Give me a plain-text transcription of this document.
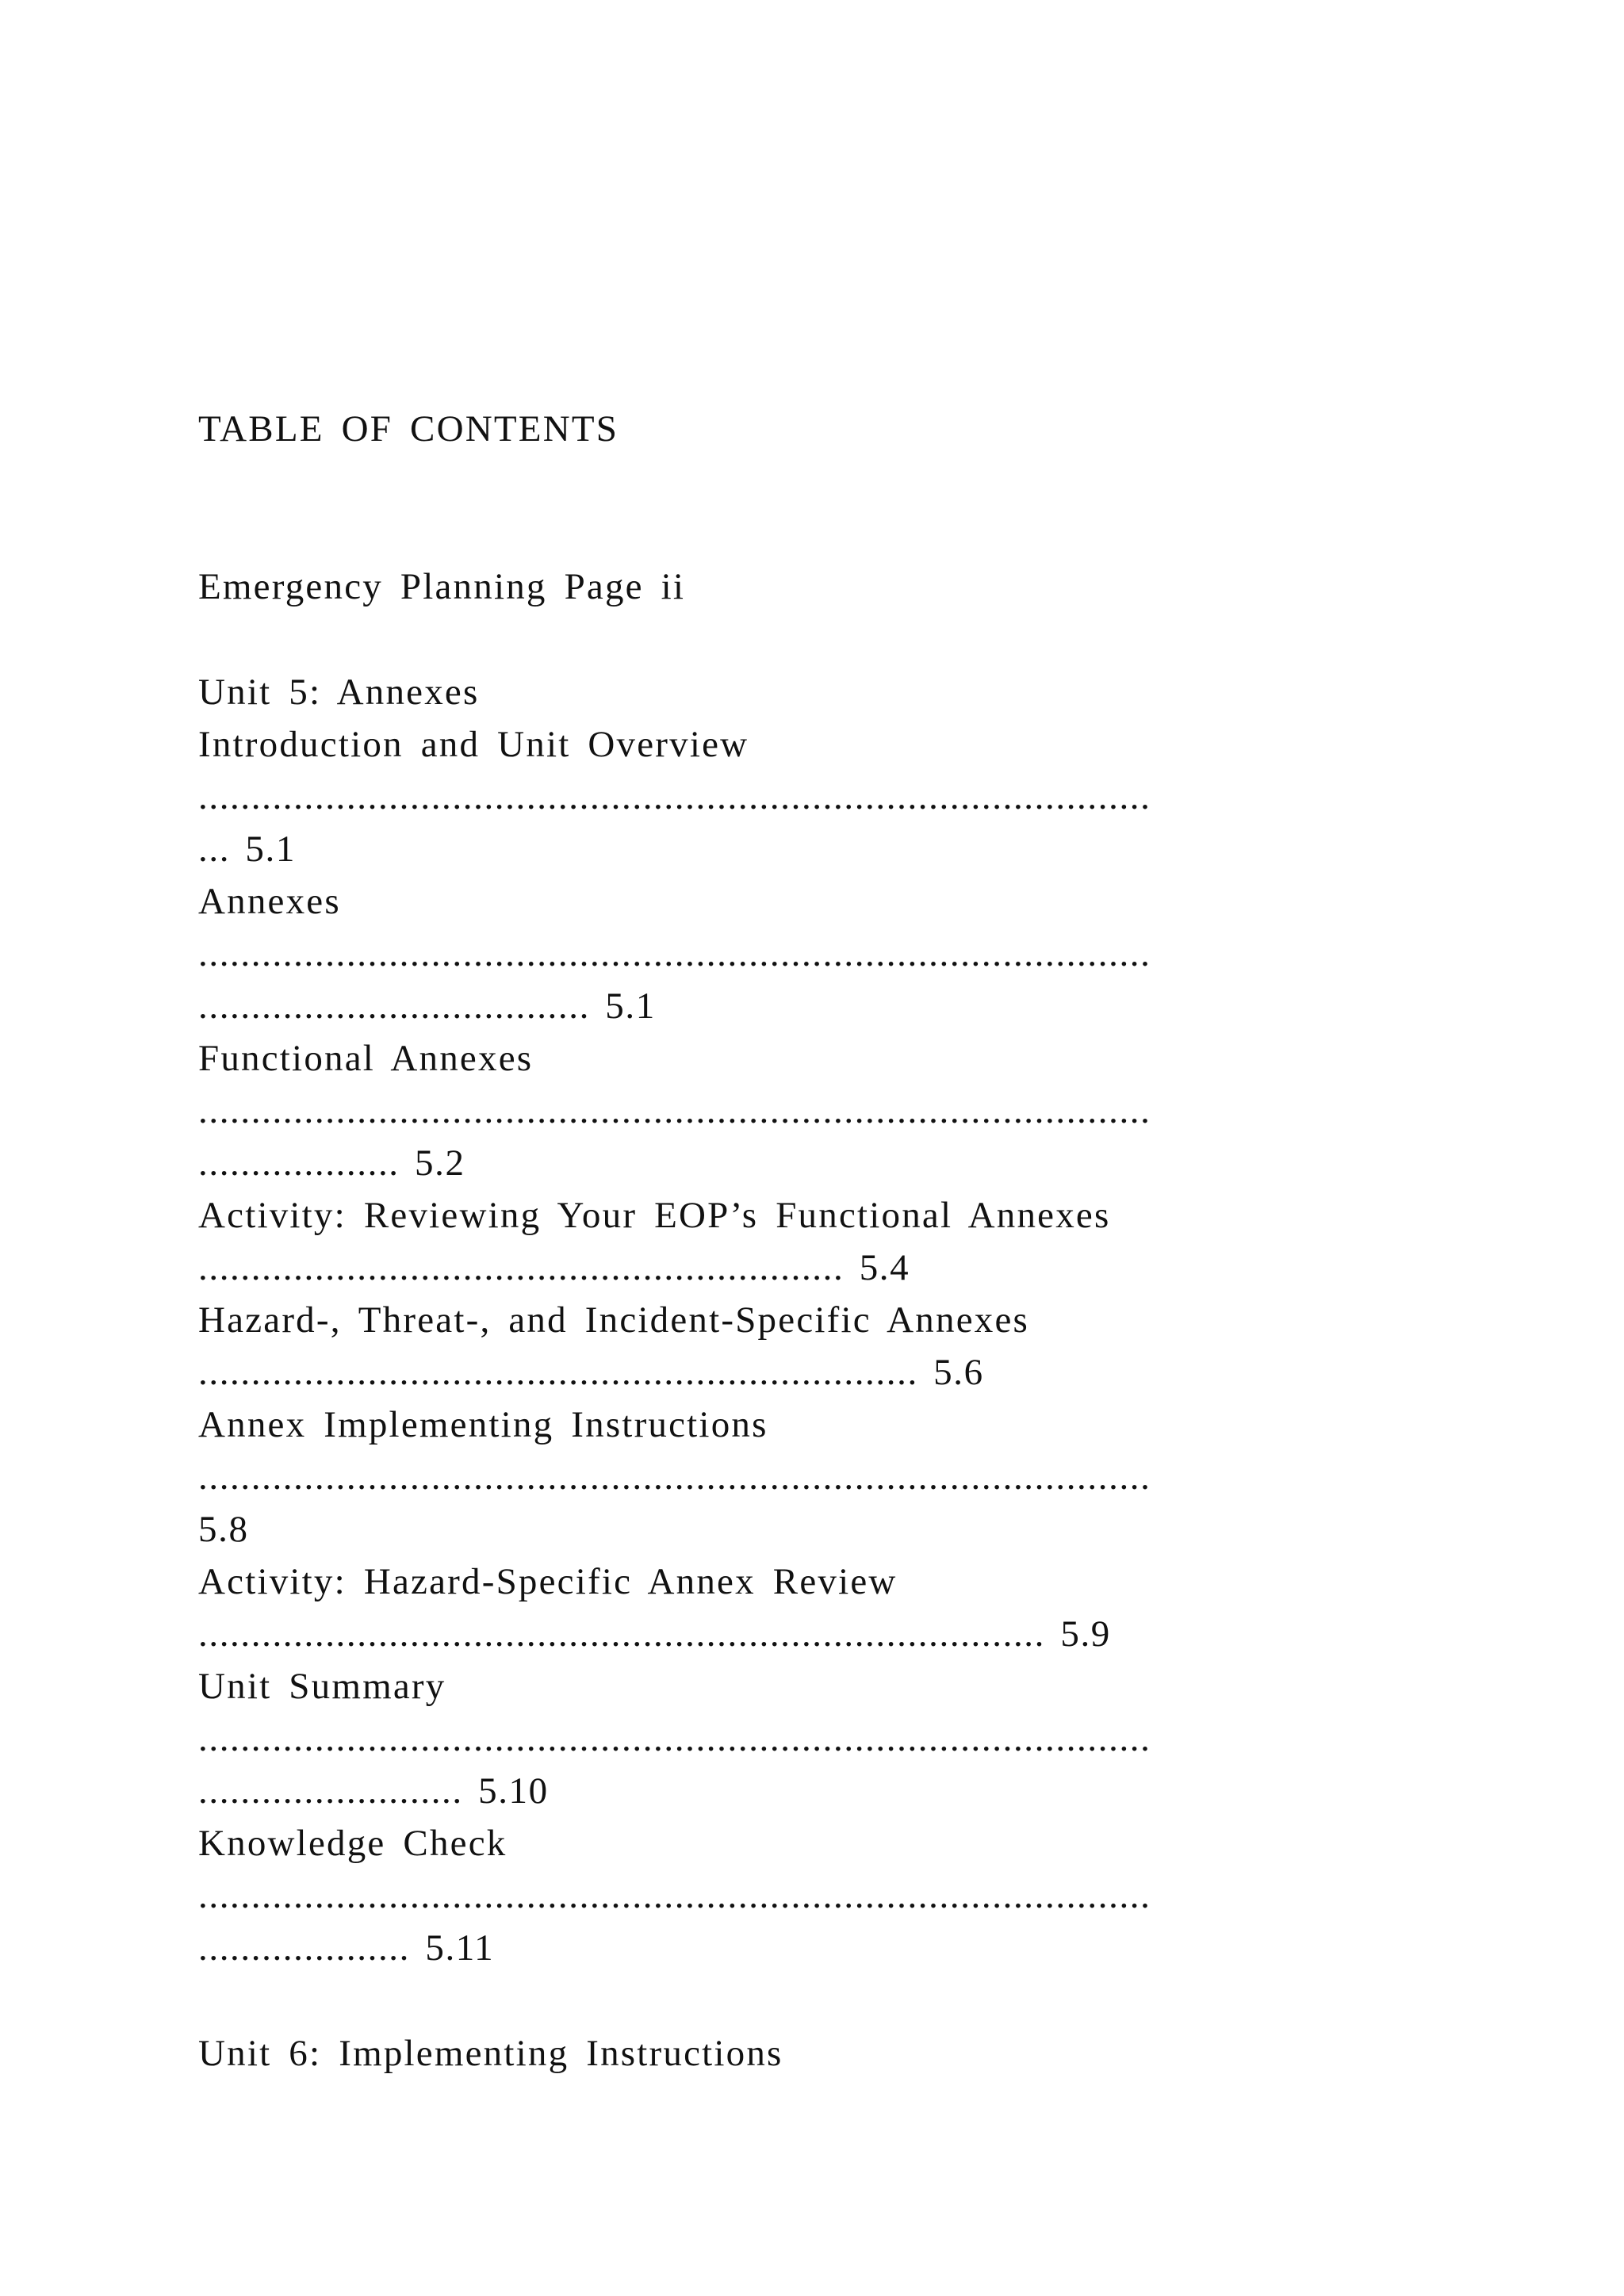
TABLE OF CONTENTS
Emergency Planning Page ii
Unit 5: Annexes
Introduction and Unit Overview
..........................................................................................
... 5.1
Annexes
..........................................................................................
..................................... 5.1
Functional Annexes
..........................................................................................
................... 5.2
Activity: Reviewing Your EOP’s Functional Annexes
............................................................. 5.4
Hazard-, Threat-, and Incident-Specific Annexes
.................................................................... 5.6
Annex Implementing Instructions
..........................................................................................
5.8
Activity: Hazard-Specific Annex Review
................................................................................ 5.9
Unit Summary
..........................................................................................
......................... 5.10
Knowledge Check
..........................................................................................
.................... 5.11
Unit 6: Implementing Instructions
